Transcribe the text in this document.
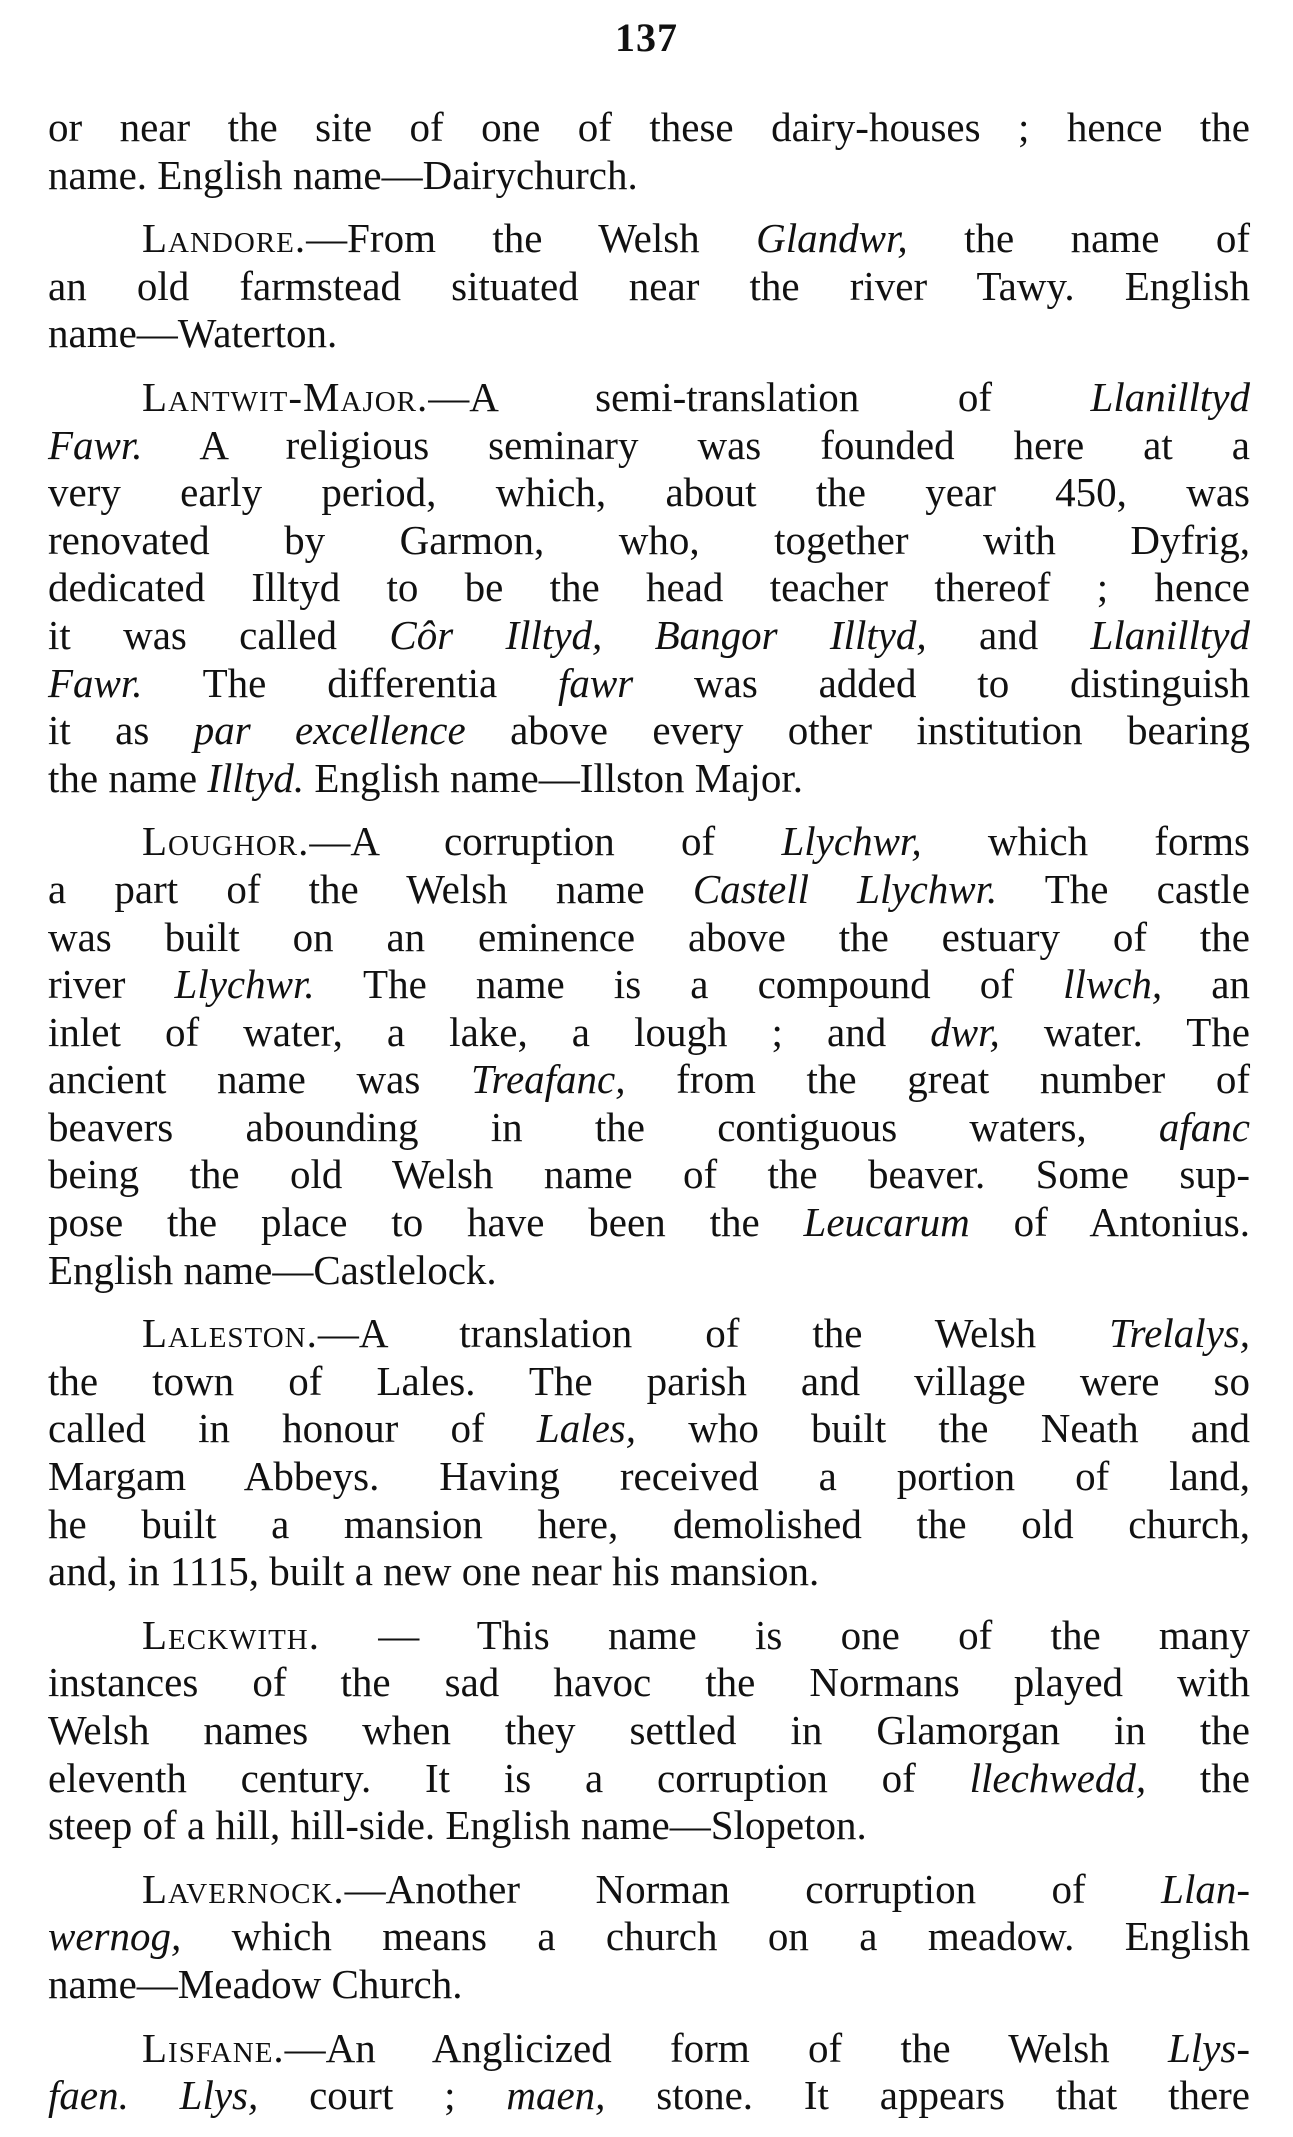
137
or near the site of one of these dairy-houses ; hence the
name. English name—Dairychurch.
Landore.—From the Welsh Glandwr, the name of
an old farmstead situated near the river Tawy. English
name—Waterton.
Lantwit-Major.—A semi-translation of Llanilltyd
Fawr. A religious seminary was founded here at a
very early period, which, about the year 450, was
renovated by Garmon, who, together with Dyfrig,
dedicated Illtyd to be the head teacher thereof ; hence
it was called Côr Illtyd, Bangor Illtyd, and Llanilltyd
Fawr. The differentia fawr was added to distinguish
it as par excellence above every other institution bearing
the name Illtyd. English name—Illston Major.
Loughor.—A corruption of Llychwr, which forms
a part of the Welsh name Castell Llychwr. The castle
was built on an eminence above the estuary of the
river Llychwr. The name is a compound of llwch, an
inlet of water, a lake, a lough ; and dwr, water. The
ancient name was Treafanc, from the great number of
beavers abounding in the contiguous waters, afanc
being the old Welsh name of the beaver. Some sup-
pose the place to have been the Leucarum of Antonius.
English name—Castlelock.
Laleston.—A translation of the Welsh Trelalys,
the town of Lales. The parish and village were so
called in honour of Lales, who built the Neath and
Margam Abbeys. Having received a portion of land,
he built a mansion here, demolished the old church,
and, in 1115, built a new one near his mansion.
Leckwith. — This name is one of the many
instances of the sad havoc the Normans played with
Welsh names when they settled in Glamorgan in the
eleventh century. It is a corruption of llechwedd, the
steep of a hill, hill-side. English name—Slopeton.
Lavernock.—Another Norman corruption of Llan-
wernog, which means a church on a meadow. English
name—Meadow Church.
Lisfane.—An Anglicized form of the Welsh Llys-
faen. Llys, court ; maen, stone. It appears that there
